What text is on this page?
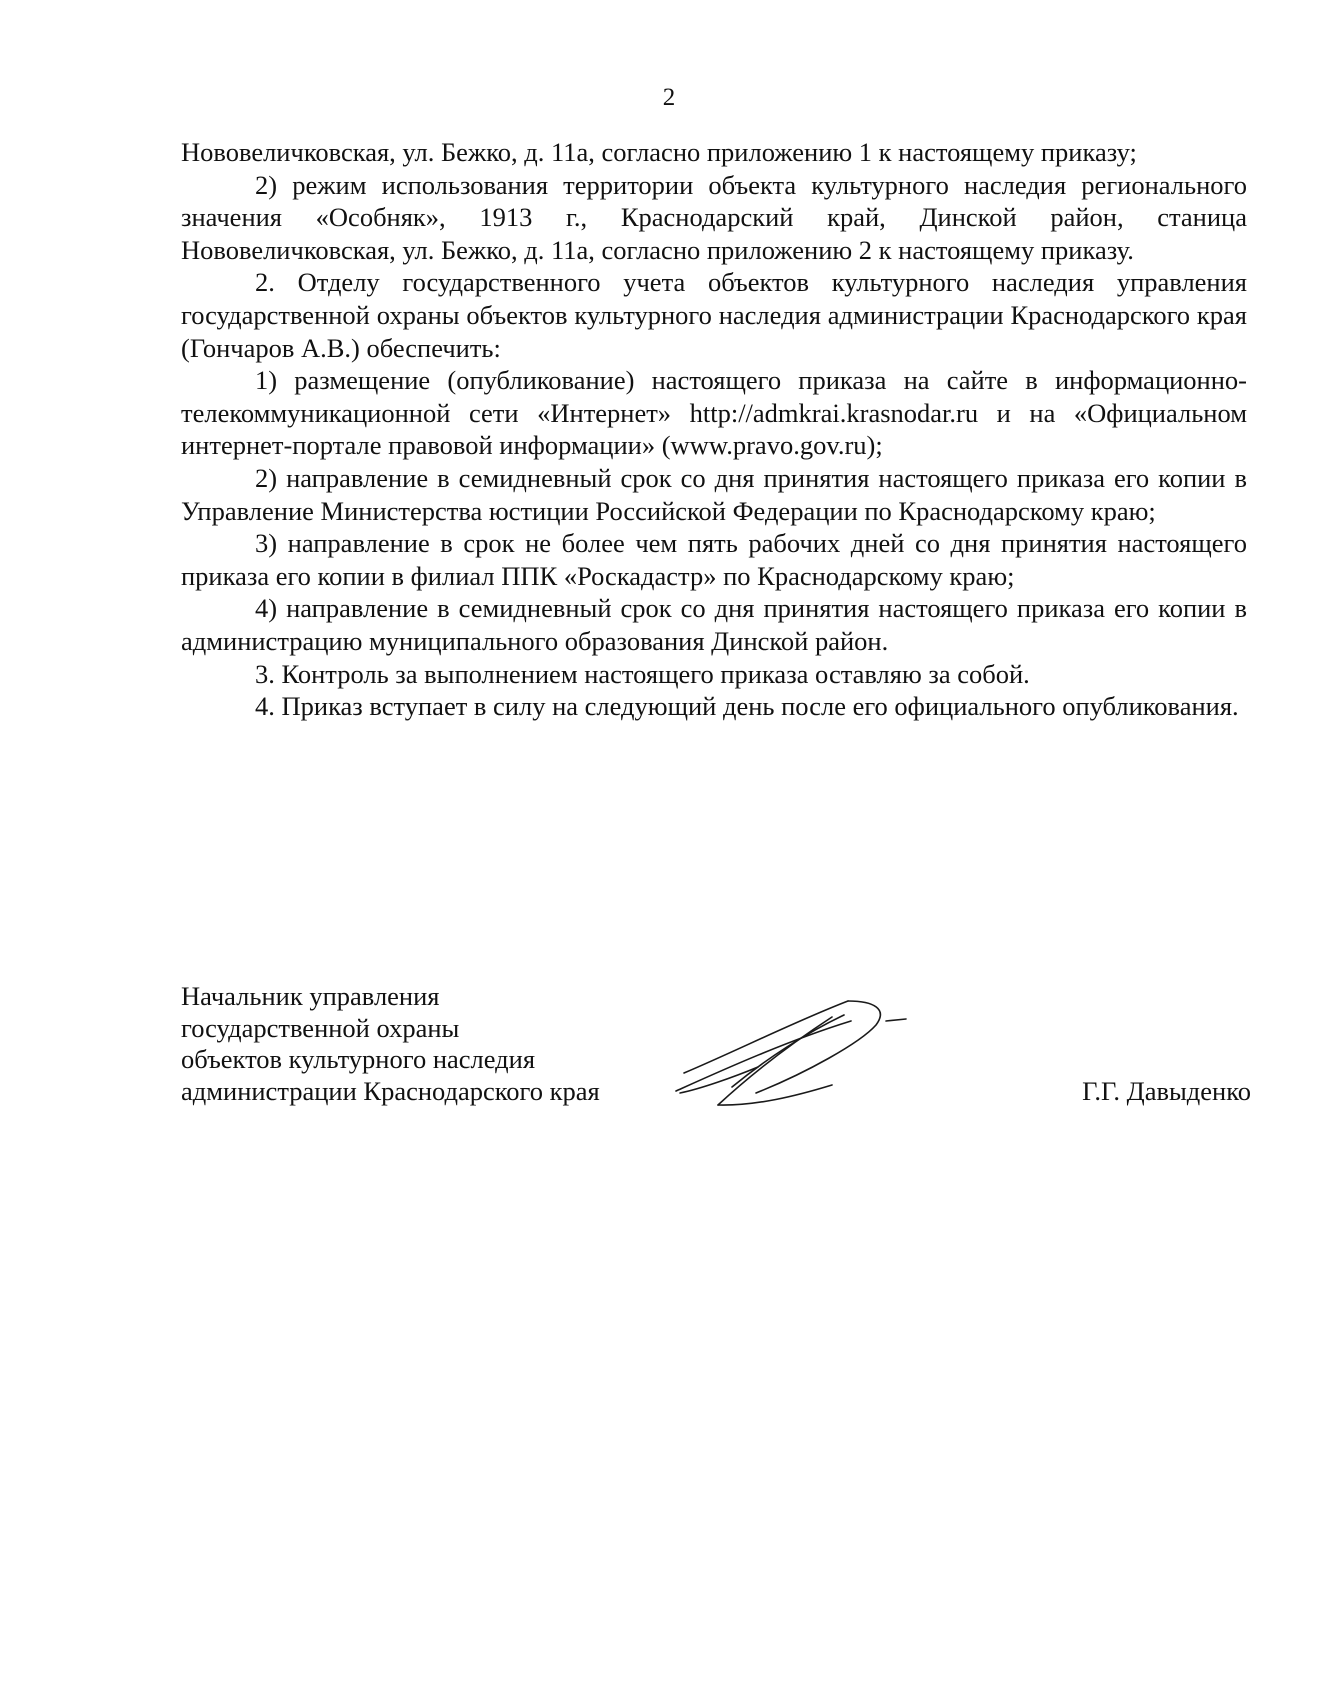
2

Нововеличковская, ул. Бежко, д. 11а, согласно приложению 1 к настоящему приказу;

2) режим использования территории объекта культурного наследия регионального значения «Особняк», 1913 г., Краснодарский край, Динской район, станица Нововеличковская, ул. Бежко, д. 11а, согласно приложению 2 к настоящему приказу.

2. Отделу государственного учета объектов культурного наследия управления государственной охраны объектов культурного наследия администрации Краснодарского края (Гончаров А.В.) обеспечить:

1) размещение (опубликование) настоящего приказа на сайте в информационно-телекоммуникационной сети «Интернет» http://admkrai.krasnodar.ru и на «Официальном интернет-портале правовой информации» (www.pravo.gov.ru);

2) направление в семидневный срок со дня принятия настоящего приказа его копии в Управление Министерства юстиции Российской Федерации по Краснодарскому краю;

3) направление в срок не более чем пять рабочих дней со дня принятия настоящего приказа его копии в филиал ППК «Роскадастр» по Краснодарскому краю;

4) направление в семидневный срок со дня принятия настоящего приказа его копии в администрацию муниципального образования Динской район.

3. Контроль за выполнением настоящего приказа оставляю за собой.

4. Приказ вступает в силу на следующий день после его официального опубликования.

Начальник управления
государственной охраны
объектов культурного наследия
администрации Краснодарского края	Г.Г. Давыденко
